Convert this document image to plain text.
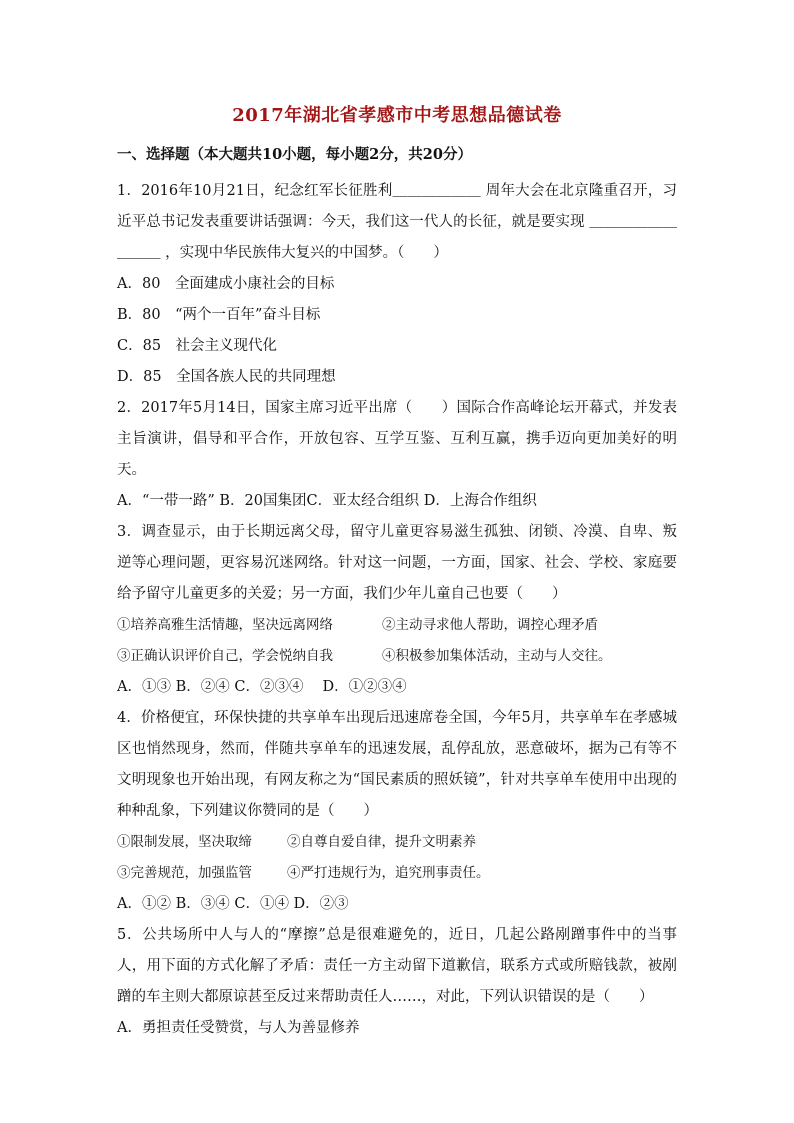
2017年湖北省孝感市中考思想品德试卷
一、选择题（本大题共10小题，每小题2分，共20分）

1．2016年10月21日，纪念红军长征胜利＿＿＿＿＿＿ 周年大会在北京隆重召开，习近平总书记发表重要讲话强调：今天，我们这一代人的长征，就是要实现 ＿＿＿＿＿＿＿＿＿ ，实现中华民族伟大复兴的中国梦。（　　）

A．80　全面建成小康社会的目标

B．80　“两个一百年”奋斗目标

C．85　社会主义现代化

D．85　全国各族人民的共同理想

2．2017年5月14日，国家主席习近平出席（　　）国际合作高峰论坛开幕式，并发表主旨演讲，倡导和平合作，开放包容、互学互鉴、互利互赢，携手迈向更加美好的明天。

A．“一带一路” B．20国集团C．亚太经合组织 D．上海合作组织

3．调查显示，由于长期远离父母，留守儿童更容易滋生孤独、闭锁、冷漠、自卑、叛逆等心理问题，更容易沉迷网络。针对这一问题，一方面，国家、社会、学校、家庭要给予留守儿童更多的关爱；另一方面，我们少年儿童自己也要（　　）

①培养高雅生活情趣，坚决远离网络	②主动寻求他人帮助，调控心理矛盾
③正确认识评价自己，学会悦纳自我	④积极参加集体活动，主动与人交往。

A．①③ B．②④ C．②③④　 D．①②③④

4．价格便宜，环保快捷的共享单车出现后迅速席卷全国，今年5月，共享单车在孝感城区也悄然现身，然而，伴随共享单车的迅速发展，乱停乱放，恶意破坏，据为己有等不文明现象也开始出现，有网友称之为“国民素质的照妖镜”，针对共享单车使用中出现的种种乱象，下列建议你赞同的是（　　）

①限制发展，坚决取缔	②自尊自爱自律，提升文明素养
③完善规范，加强监管	④严打违规行为，追究刑事责任。

A．①② B．③④ C．①④ D．②③

5．公共场所中人与人的“摩擦”总是很难避免的，近日，几起公路剐蹭事件中的当事人，用下面的方式化解了矛盾：责任一方主动留下道歉信，联系方式或所赔钱款，被剐蹭的车主则大都原谅甚至反过来帮助责任人……，对此，下列认识错误的是（　　）

A．勇担责任受赞赏，与人为善显修养
